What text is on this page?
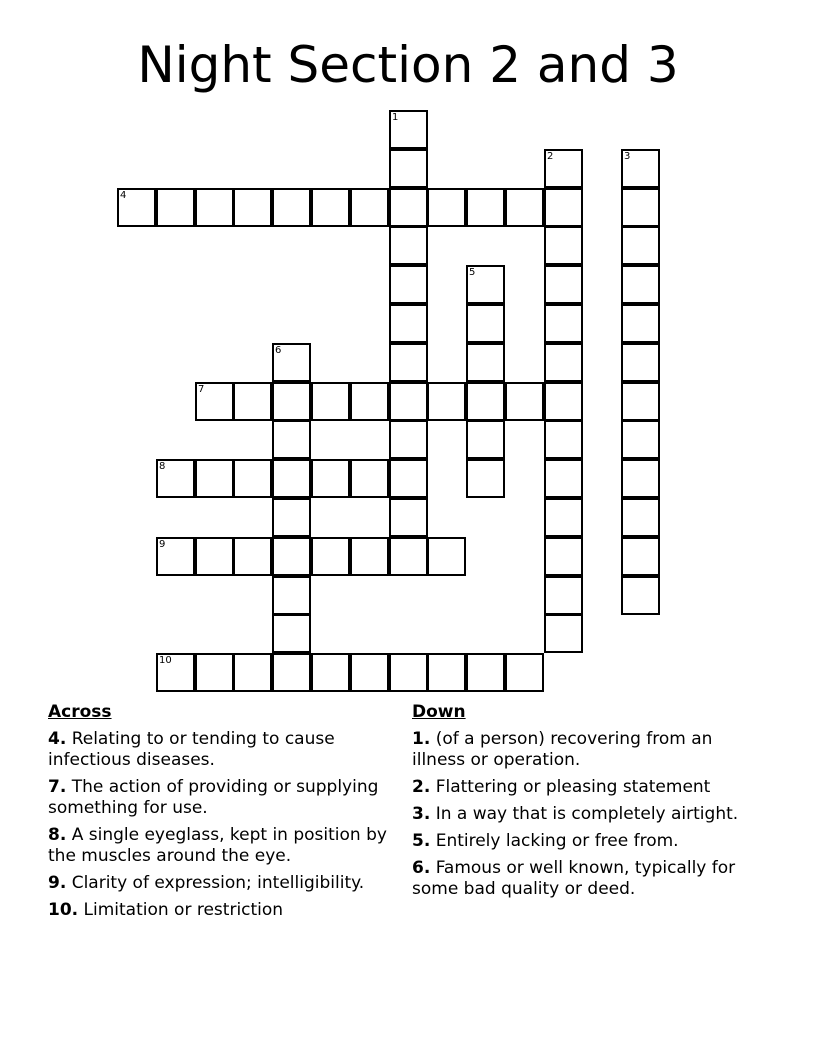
Night Section 2 and 3
1
2	3
4
5
6
7
8
9
10
Across
4. Relating to or tending to cause infectious diseases.
7. The action of providing or supplying something for use.
8. A single eyeglass, kept in position by the muscles around the eye.
9. Clarity of expression; intelligibility.
10. Limitation or restriction
Down
1. (of a person) recovering from an illness or operation.
2. Flattering or pleasing statement
3. In a way that is completely airtight.
5. Entirely lacking or free from.
6. Famous or well known, typically for some bad quality or deed.
